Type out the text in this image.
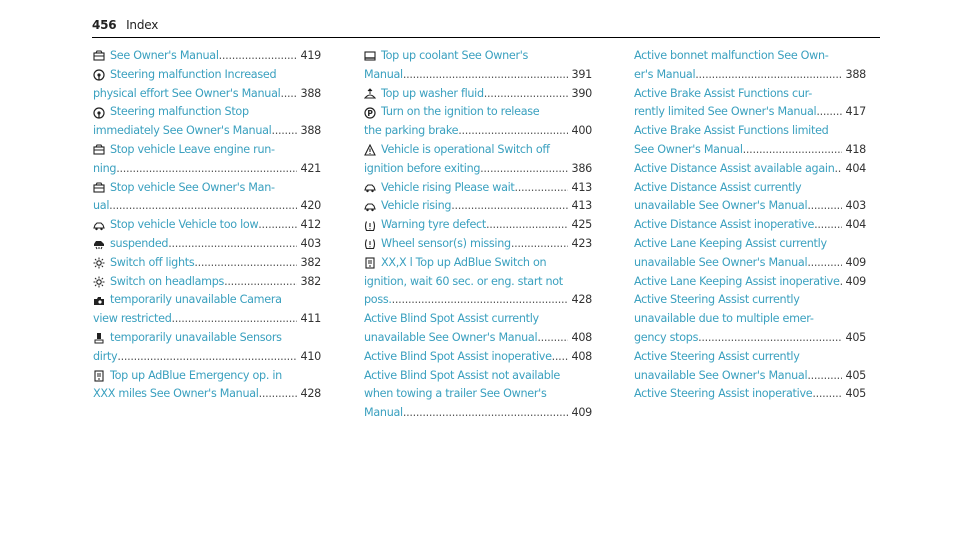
456 Index
See Owner's Manual .....	419
Steering malfunction Increased
physical effort See Owner's Manual ..... 388
Steering malfunction Stop
immediately See Owner's Manual .....	388
Stop vehicle Leave engine run-
ning .....	421
Stop vehicle See Owner's Man-
ual .....	420
Stop vehicle Vehicle too low .....	412
suspended .....	403
Switch off lights .....	382
Switch on headlamps .....	382
temporarily unavailable Camera
view restricted .....	411
temporarily unavailable Sensors
dirty .....	410
Top up AdBlue Emergency op. in
XXX miles See Owner's Manual .....	428
Top up coolant See Owner's
Manual .....	391
Top up washer fluid .....	390
P Turn on the ignition to release
the parking brake .....	400
Vehicle is operational Switch off
ignition before exiting .....	386
Vehicle rising Please wait .....	413
Vehicle rising .....	413
Warning tyre defect .....	425
Wheel sensor(s) missing .....	423
XX,X l Top up AdBlue Switch on
ignition, wait 60 sec. or eng. start not
poss. .....	428
Active Blind Spot Assist currently
unavailable See Owner's Manual .....	408
Active Blind Spot Assist inoperative ..... 408
Active Blind Spot Assist not available
when towing a trailer See Owner's
Manual .....	409
Active bonnet malfunction See Own-
er's Manual .....	388
Active Brake Assist Functions cur-
rently limited See Owner's Manual .....	417
Active Brake Assist Functions limited
See Owner's Manual .....	418
Active Distance Assist available again ..... 404
Active Distance Assist currently
unavailable See Owner's Manual .....	403
Active Distance Assist inoperative .....	404
Active Lane Keeping Assist currently
unavailable See Owner's Manual .....	409
Active Lane Keeping Assist inoperative ..... 409
Active Steering Assist currently
unavailable due to multiple emer-
gency stops .....	405
Active Steering Assist currently
unavailable See Owner's Manual .....	405
Active Steering Assist inoperative .....	405
